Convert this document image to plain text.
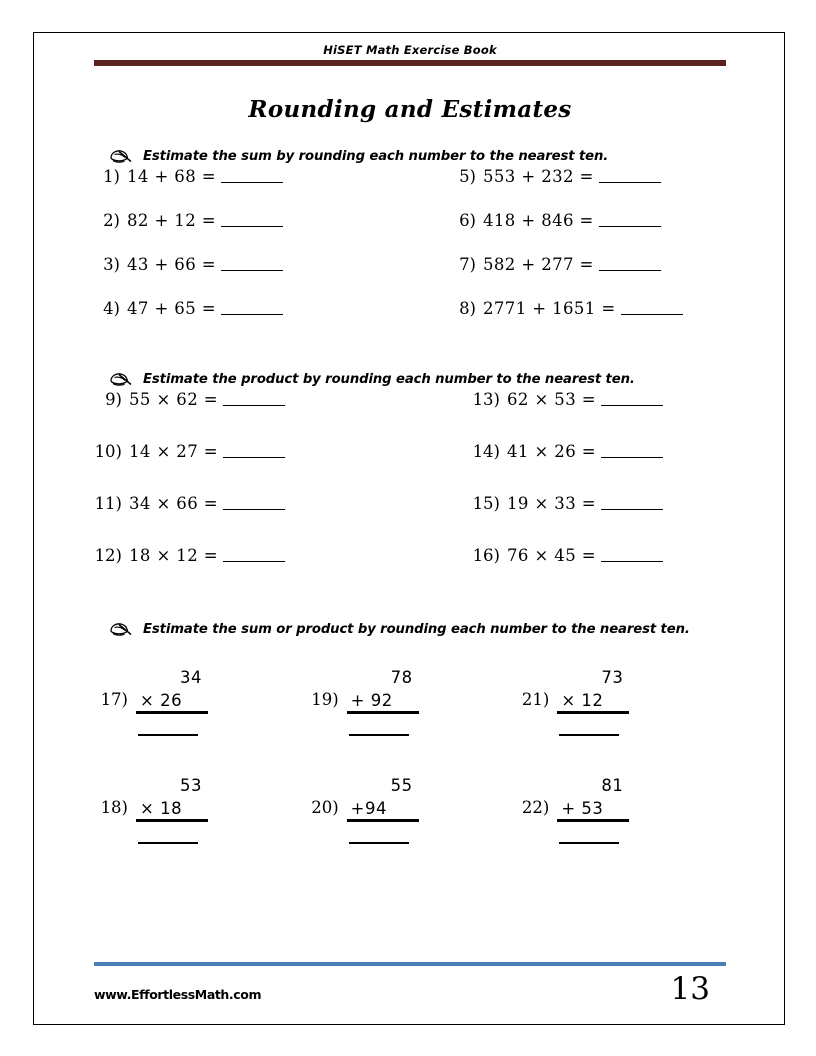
HiSET Math Exercise Book
Rounding and Estimates
Estimate the sum by rounding each number to the nearest ten.
1) 14 + 68 =
2) 82 + 12 =
3) 43 + 66 =
4) 47 + 65 =
5) 553 + 232 =
6) 418 + 846 =
7) 582 + 277 =
8) 2771 + 1651 =
Estimate the product by rounding each number to the nearest ten.
9) 55 × 62 =
10) 14 × 27 =
11) 34 × 66 =
12) 18 × 12 =
13) 62 × 53 =
14) 41 × 26 =
15) 19 × 33 =
16) 76 × 45 =
Estimate the sum or product by rounding each number to the nearest ten.
17)
34
× 26	19)
78
+ 92	21)
73
× 12
18)
53
× 18	20)
55
+94	22)
81
+ 53
www.EffortlessMath.com	13
